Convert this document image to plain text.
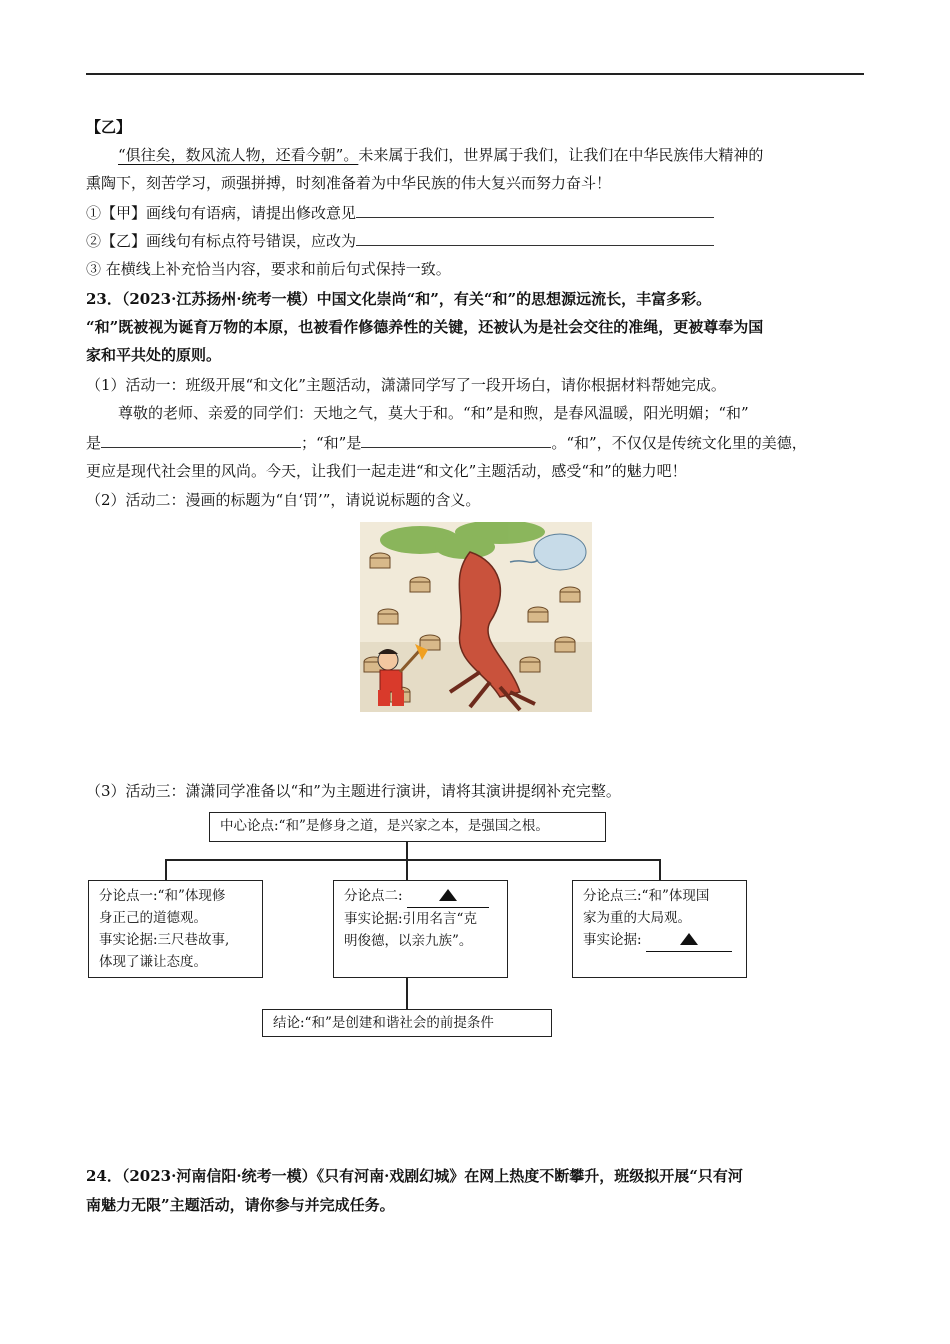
【乙】
“俱往矣，数风流人物，还看今朝”。未来属于我们，世界属于我们，让我们在中华民族伟大精神的
熏陶下，刻苦学习，顽强拼搏，时刻准备着为中华民族的伟大复兴而努力奋斗！
①【甲】画线句有语病，请提出修改意见
②【乙】画线句有标点符号错误，应改为
③ 在横线上补充恰当内容，要求和前后句式保持一致。
23．（2023·江苏扬州·统考一模）中国文化崇尚“和”，有关“和”的思想源远流长，丰富多彩。
“和”既被视为诞育万物的本原，也被看作修德养性的关键，还被认为是社会交往的准绳，更被尊奉为国
家和平共处的原则。
（1）活动一：班级开展“和文化”主题活动，潇潇同学写了一段开场白，请你根据材料帮她完成。
尊敬的老师、亲爱的同学们：天地之气，莫大于和。“和”是和煦，是春风温暖，阳光明媚；“和”
是	；“和”是	。“和”，不仅仅是传统文化里的美德，
更应是现代社会里的风尚。今天，让我们一起走进“和文化”主题活动，感受“和”的魅力吧！
（2）活动二：漫画的标题为“自‘罚’”，请说说标题的含义。
（3）活动三：潇潇同学准备以“和”为主题进行演讲，请将其演讲提纲补充完整。
中心论点:“和”是修身之道，是兴家之本，是强国之根。
分论点一:“和”体现修
身正己的道德观。
事实论据:三尺巷故事,
体现了谦让态度。
分论点二:
事实论据:引用名言“克
明俊德，以亲九族”。
分论点三:“和”体现国
家为重的大局观。
事实论据:
结论:“和”是创建和谐社会的前提条件
24．（2023·河南信阳·统考一模）《只有河南·戏剧幻城》在网上热度不断攀升，班级拟开展“只有河
南魅力无限”主题活动，请你参与并完成任务。
